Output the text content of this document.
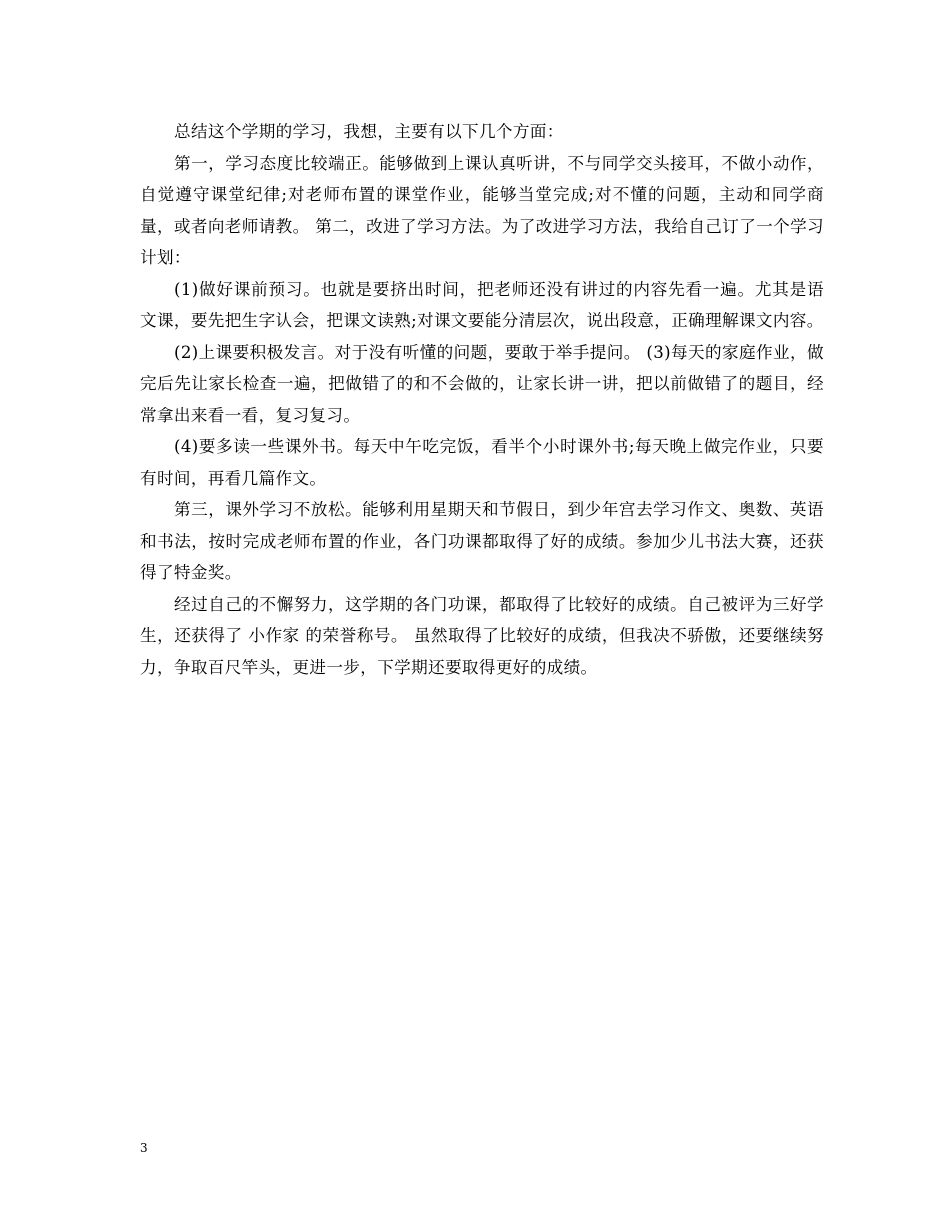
总结这个学期的学习，我想，主要有以下几个方面：

第一，学习态度比较端正。能够做到上课认真听讲，不与同学交头接耳，不做小动作，自觉遵守课堂纪律;对老师布置的课堂作业，能够当堂完成;对不懂的问题，主动和同学商量，或者向老师请教。 第二，改进了学习方法。为了改进学习方法，我给自己订了一个学习计划：

(1)做好课前预习。也就是要挤出时间，把老师还没有讲过的内容先看一遍。尤其是语文课，要先把生字认会，把课文读熟;对课文要能分清层次，说出段意，正确理解课文内容。

(2)上课要积极发言。对于没有听懂的问题，要敢于举手提问。 (3)每天的家庭作业，做完后先让家长检查一遍，把做错了的和不会做的，让家长讲一讲，把以前做错了的题目，经常拿出来看一看，复习复习。

(4)要多读一些课外书。每天中午吃完饭，看半个小时课外书;每天晚上做完作业，只要有时间，再看几篇作文。

第三，课外学习不放松。能够利用星期天和节假日，到少年宫去学习作文、奥数、英语和书法，按时完成老师布置的作业，各门功课都取得了好的成绩。参加少儿书法大赛，还获得了特金奖。

经过自己的不懈努力，这学期的各门功课，都取得了比较好的成绩。自己被评为三好学生，还获得了 小作家 的荣誉称号。 虽然取得了比较好的成绩，但我决不骄傲，还要继续努力，争取百尺竿头，更进一步，下学期还要取得更好的成绩。

3
